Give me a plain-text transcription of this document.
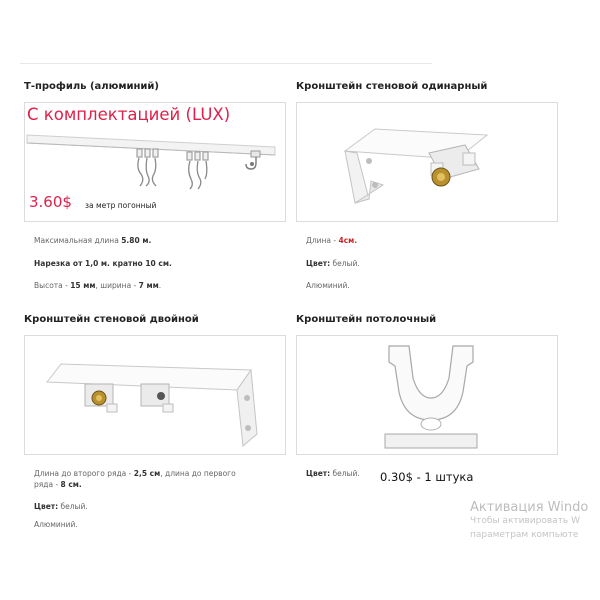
Т-профиль (алюминий)
С комплектацией (LUX)
3.60$ за метр погонный
Максимальная длина 5.80 м.
Нарезка от 1,0 м. кратно 10 см.
Высота - 15 мм, ширина - 7 мм.
Кронштейн стеновой одинарный
Длина - 4см.
Цвет: белый.
Алюминий.
Кронштейн стеновой двойной
Длина до второго ряда - 2,5 см, длина до первого
ряда - 8 см.
Цвет: белый.
Алюминий.
Кронштейн потолочный
Цвет: белый. 0.30$ - 1 штука
Активация Windo
Чтобы активировать W
параметрам компьюте
